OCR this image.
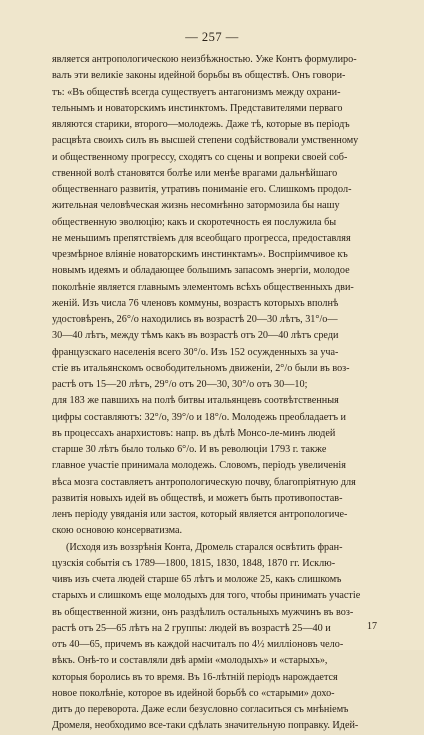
— 257 —
является антропологическою неизбѣжностью. Уже Контъ формулиро-
валъ эти великіе законы идейной борьбы въ обществѣ. Онъ говори-
тъ: «Въ обществѣ всегда существуетъ антагонизмъ между охрани-
тельнымъ и новаторскимъ инстинктомъ. Представителями перваго
являются старики, второго—молодежь. Даже тѣ, которые въ періодъ
расцвѣта своихъ силъ въ высшей степени содѣйствовали умственному
и общественному прогрессу, сходятъ со сцены и вопреки своей соб-
ственной волѣ становятся болѣе или менѣе врагами дальнѣйшаго
общественнаго развитія, утративъ пониманіе его. Слишкомъ продол-
жительная человѣческая жизнь несомнѣнно затормозила бы нашу
общественную эволюцію; какъ и скоротечность ея послужила бы
не меньшимъ препятствіемъ для всеобщаго прогресса, предоставляя
чрезмѣрное вліяніе новаторскимъ инстинктамъ». Воспріимчивое къ
новымъ идеямъ и обладающее большимъ запасомъ энергіи, молодое
поколѣніе является главнымъ элементомъ всѣхъ общественныхъ дви-
женій. Изъ числа 76 членовъ коммуны, возрастъ которыхъ вполнѣ
удостовѣренъ, 26°/о находились въ возрастѣ 20—30 лѣтъ, 31°/о—
30—40 лѣтъ, между тѣмъ какъ въ возрастѣ отъ 20—40 лѣтъ среди
французскаго населенія всего 30°/о. Изъ 152 осужденныхъ за уча-
стіе въ итальянскомъ освободительномъ движеніи, 2°/о были въ воз-
растѣ отъ 15—20 лѣтъ, 29°/о отъ 20—30, 30°/о отъ 30—10;
для 183 же павшихъ на полѣ битвы итальянцевъ соотвѣтственныя
цифры составляютъ: 32°/о, 39°/о и 18°/о. Молодежь преобладаетъ и
въ процессахъ анархистовъ: напр. въ дѣлѣ Монсо-ле-минъ людей
старше 30 лѣтъ было только 6°/о. И въ революціи 1793 г. также
главное участіе принимала молодежь. Словомъ, періодъ увеличенія
вѣса мозга составляетъ антропологическую почву, благопріятную для
развитія новыхъ идей въ обществѣ, и можетъ быть противопостав-
ленъ періоду увяданія или застоя, который является антропологиче-
скою основою консерватизма.
(Исходя изъ воззрѣнія Конта, Дромель старался освѣтить фран-
цузскія событія съ 1789—1800, 1815, 1830, 1848, 1870 гг. Исклю-
чивъ изъ счета людей старше 65 лѣтъ и моложе 25, какъ слишкомъ
старыхъ и слишкомъ еще молодыхъ для того, чтобы принимать участіе
въ общественной жизни, онъ раздѣлилъ остальныхъ мужчинъ въ воз-
растѣ отъ 25—65 лѣтъ на 2 группы: людей въ возрастѣ 25—40 и
отъ 40—65, причемъ въ каждой насчиталъ по 4½ милліоновъ чело-
вѣкъ. Онѣ-то и составляли двѣ арміи «молодыхъ» и «старыхъ»,
которыя боролись въ то время. Въ 16-лѣтній періодъ нарождается
новое поколѣніе, которое въ идейной борьбѣ со «старыми» дохо-
дитъ до переворота. Даже если безусловно согласиться съ мнѣніемъ
Дромеля, необходимо все-таки сдѣлать значительную поправку. Идей-
17
